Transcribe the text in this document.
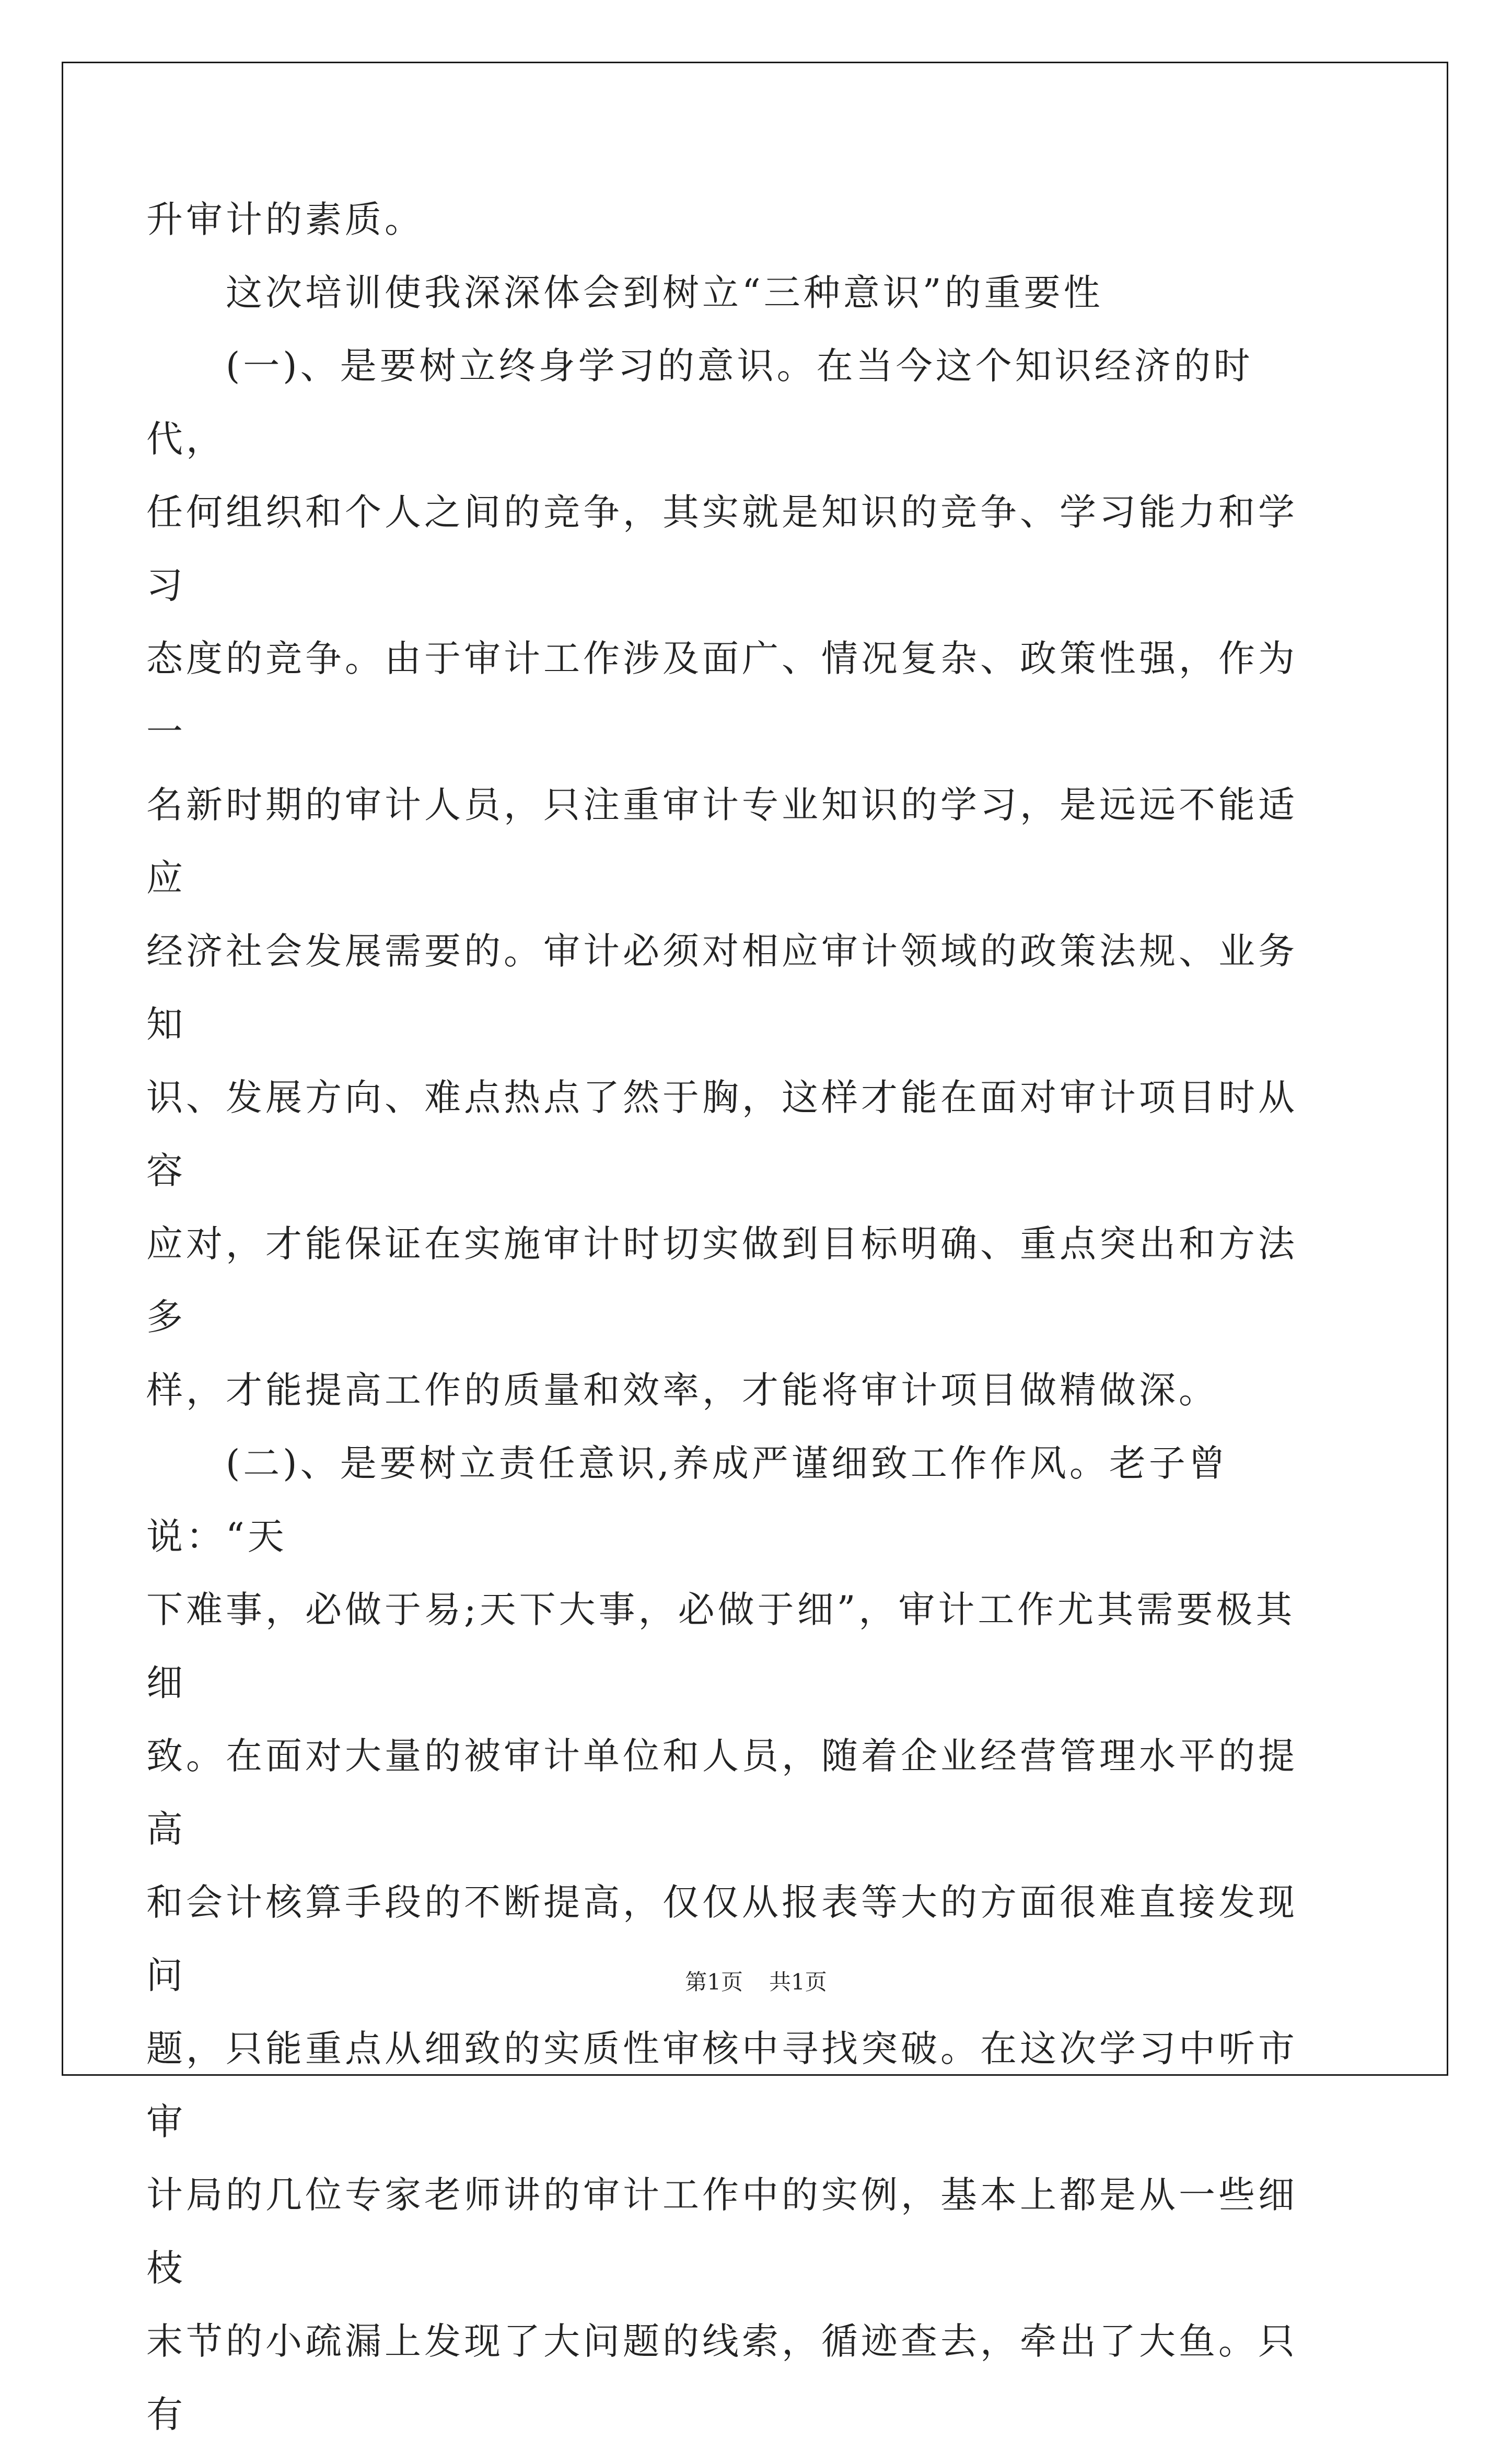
升审计的素质。

　　这次培训使我深深体会到树立“三种意识”的重要性

　　(一)、是要树立终身学习的意识。在当今这个知识经济的时代，

任何组织和个人之间的竞争，其实就是知识的竞争、学习能力和学习

态度的竞争。由于审计工作涉及面广、情况复杂、政策性强，作为一

名新时期的审计人员，只注重审计专业知识的学习，是远远不能适应

经济社会发展需要的。审计必须对相应审计领域的政策法规、业务知

识、发展方向、难点热点了然于胸，这样才能在面对审计项目时从容

应对，才能保证在实施审计时切实做到目标明确、重点突出和方法多

样，才能提高工作的质量和效率，才能将审计项目做精做深。

　　(二)、是要树立责任意识,养成严谨细致工作作风。老子曾说：“天

下难事，必做于易;天下大事，必做于细”，审计工作尤其需要极其细

致。在面对大量的被审计单位和人员，随着企业经营管理水平的提高

和会计核算手段的不断提高，仅仅从报表等大的方面很难直接发现问

题，只能重点从细致的实质性审核中寻找突破。在这次学习中听市审

计局的几位专家老师讲的审计工作中的实例，基本上都是从一些细枝

末节的小疏漏上发现了大问题的线索，循迹查去，牵出了大鱼。只有

第1页 共1页
